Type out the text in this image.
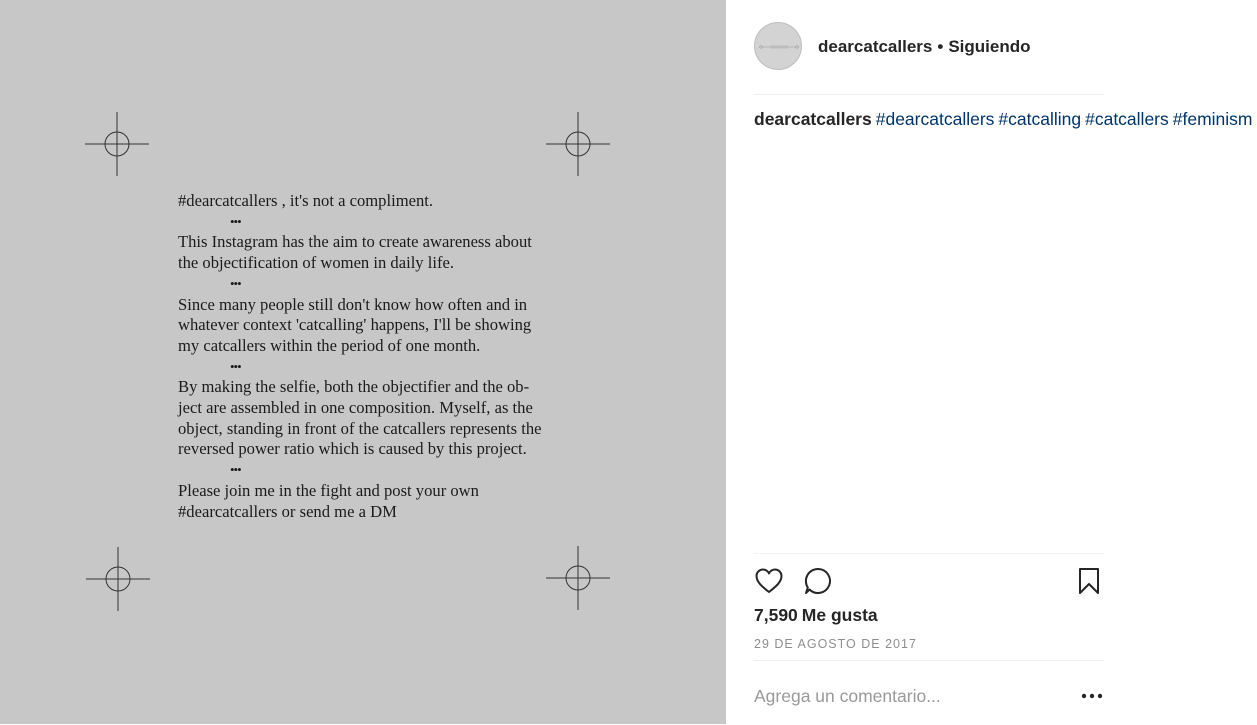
#dearcatcallers , it's not a compliment.

•••

This Instagram has the aim to create awareness about
the objectification of women in daily life.

•••

Since many people still don't know how often and in
whatever context 'catcalling' happens, I'll be showing
my catcallers within the period of one month.

•••

By making the selfie, both the objectifier and the ob-
ject are assembled in one composition. Myself, as the
object, standing in front of the catcallers represents the
reversed power ratio which is caused by this project.

•••

Please join me in the fight and post your own
#dearcatcallers or send me a DM

dearcatcallers • Siguiendo
dearcatcallers #dearcatcallers #catcalling #catcallers #feminism
7,590 Me gusta
29 DE AGOSTO DE 2017
Agrega un comentario...
